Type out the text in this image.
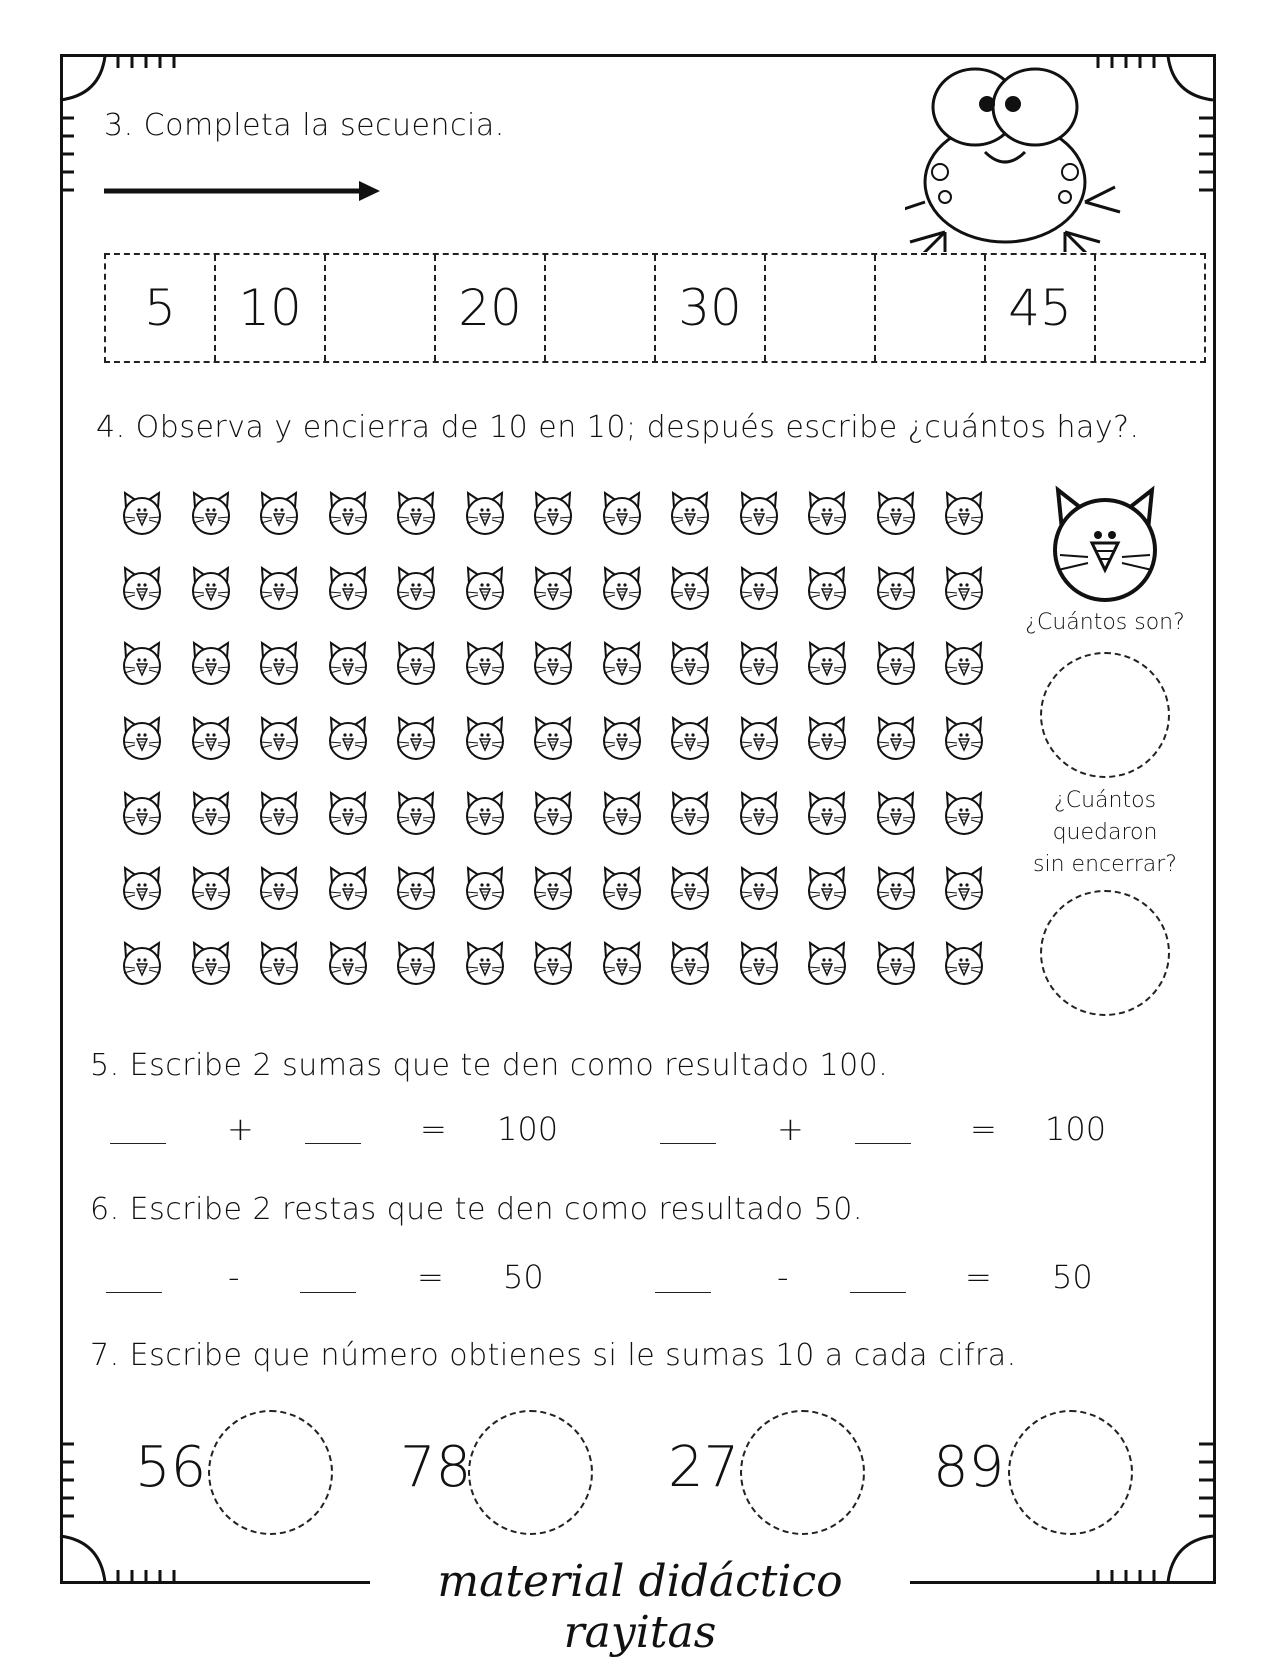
3. Completa la secuencia.
5	10	20	30	45
4. Observa y encierra de 10 en 10; después escribe ¿cuántos hay?.
¿Cuántos son?
¿Cuántos
quedaron
sin encerrar?
5. Escribe 2 sumas que te den como resultado 100.
+	= 100	+	= 100
6. Escribe 2 restas que te den como resultado 50.
-	= 50	-	= 50
7. Escribe que número obtienes si le sumas 10 a cada cifra.
56	78	27	89
material didáctico rayitas
